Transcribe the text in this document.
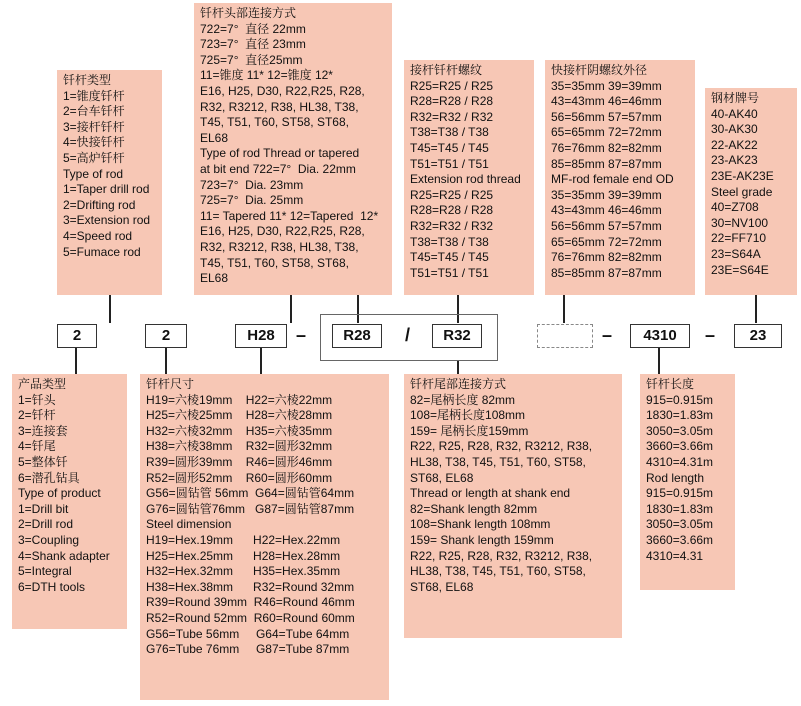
钎杆类型
1=锥度钎杆
2=台车钎杆
3=接杆钎杆
4=快接钎杆
5=高炉钎杆
Type of rod
1=Taper drill rod
2=Drifting rod
3=Extension rod
4=Speed rod
5=Fumace rod
钎杆头部连接方式
722=7°  直径 22mm
723=7°  直径 23mm
725=7°  直径25mm
11=锥度 11* 12=锥度 12*
E16, H25, D30, R22,R25, R28,
R32, R3212, R38, HL38, T38,
T45, T51, T60, ST58, ST68,
EL68
Type of rod Thread or tapered
at bit end 722=7°  Dia. 22mm
723=7°  Dia. 23mm
725=7°  Dia. 25mm
11= Tapered 11* 12=Tapered  12*
E16, H25, D30, R22,R25, R28,
R32, R3212, R38, HL38, T38,
T45, T51, T60, ST58, ST68,
EL68
接杆钎杆螺纹
R25=R25 / R25
R28=R28 / R28
R32=R32 / R32
T38=T38 / T38
T45=T45 / T45
T51=T51 / T51
Extension rod thread
R25=R25 / R25
R28=R28 / R28
R32=R32 / R32
T38=T38 / T38
T45=T45 / T45
T51=T51 / T51
快接杆阴螺纹外径
35=35mm 39=39mm
43=43mm 46=46mm
56=56mm 57=57mm
65=65mm 72=72mm
76=76mm 82=82mm
85=85mm 87=87mm
MF-rod female end OD
35=35mm 39=39mm
43=43mm 46=46mm
56=56mm 57=57mm
65=65mm 72=72mm
76=76mm 82=82mm
85=85mm 87=87mm
钢材牌号
40-AK40
30-AK30
22-AK22
23-AK23
23E-AK23E
Steel grade
40=Z708
30=NV100
22=FF710
23=S64A
23E=S64E
产品类型
1=钎头
2=钎杆
3=连接套
4=钎尾
5=整体钎
6=潜孔钻具
Type of product
1=Drill bit
2=Drill rod
3=Coupling
4=Shank adapter
5=Integral
6=DTH tools
钎杆尺寸
H19=六棱19mm    H22=六棱22mm
H25=六棱25mm    H28=六棱28mm
H32=六棱32mm    H35=六棱35mm
H38=六棱38mm    R32=圆形32mm
R39=圆形39mm    R46=圆形46mm
R52=圆形52mm    R60=圆形60mm
G56=圆钻管 56mm  G64=圆钻管64mm
G76=圆钻管76mm   G87=圆钻管87mm
Steel dimension
H19=Hex.19mm      H22=Hex.22mm
H25=Hex.25mm      H28=Hex.28mm
H32=Hex.32mm      H35=Hex.35mm
H38=Hex.38mm      R32=Round 32mm
R39=Round 39mm  R46=Round 46mm
R52=Round 52mm  R60=Round 60mm
G56=Tube 56mm     G64=Tube 64mm
G76=Tube 76mm     G87=Tube 87mm
钎杆尾部连接方式
82=尾柄长度 82mm
108=尾柄长度108mm
159= 尾柄长度159mm
R22, R25, R28, R32, R3212, R38,
HL38, T38, T45, T51, T60, ST58,
ST68, EL68
Thread or length at shank end
82=Shank length 82mm
108=Shank length 108mm
159= Shank length 159mm
R22, R25, R28, R32, R3212, R38,
HL38, T38, T45, T51, T60, ST58,
ST68, EL68
钎杆长度
915=0.915m
1830=1.83m
3050=3.05m
3660=3.66m
4310=4.31m
Rod length
915=0.915m
1830=1.83m
3050=3.05m
3660=3.66m
4310=4.31
2	2	H28	–	R28	/	R32	–	4310	–	23
